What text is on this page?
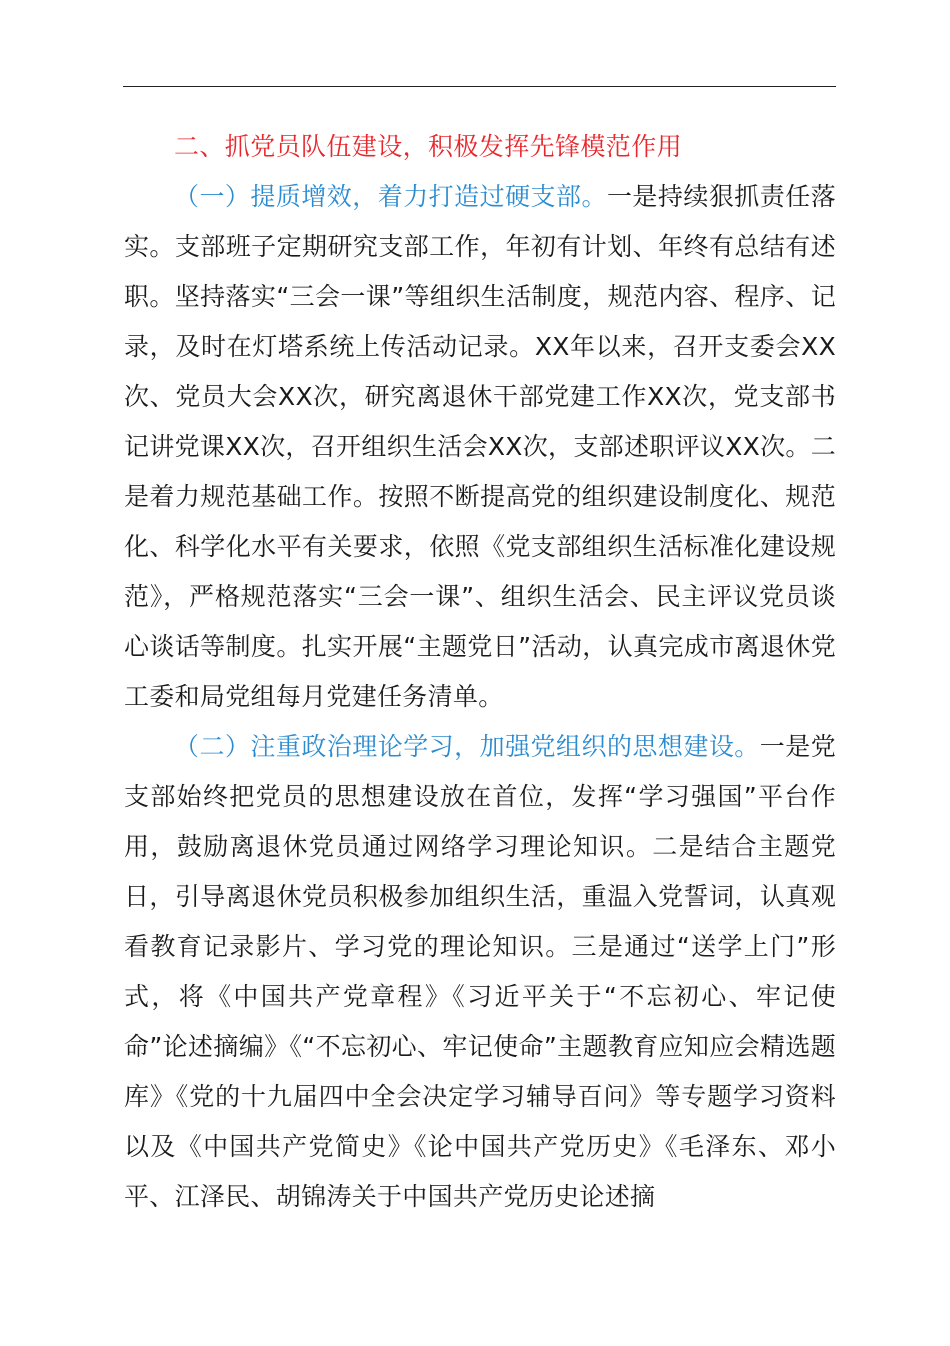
二、抓党员队伍建设，积极发挥先锋模范作用

（一）提质增效，着力打造过硬支部。一是持续狠抓责任落实。支部班子定期研究支部工作，年初有计划、年终有总结有述职。坚持落实“三会一课”等组织生活制度，规范内容、程序、记录，及时在灯塔系统上传活动记录。XX年以来，召开支委会XX次、党员大会XX次，研究离退休干部党建工作XX次，党支部书记讲党课XX次，召开组织生活会XX次，支部述职评议XX次。二是着力规范基础工作。按照不断提高党的组织建设制度化、规范化、科学化水平有关要求，依照《党支部组织生活标准化建设规范》，严格规范落实“三会一课”、组织生活会、民主评议党员谈心谈话等制度。扎实开展“主题党日”活动，认真完成市离退休党工委和局党组每月党建任务清单。

（二）注重政治理论学习，加强党组织的思想建设。一是党支部始终把党员的思想建设放在首位，发挥“学习强国”平台作用，鼓励离退休党员通过网络学习理论知识。二是结合主题党日，引导离退休党员积极参加组织生活，重温入党誓词，认真观看教育记录影片、学习党的理论知识。三是通过“送学上门”形式，将《中国共产党章程》《习近平关于“不忘初心、牢记使命”论述摘编》《“不忘初心、牢记使命”主题教育应知应会精选题库》《党的十九届四中全会决定学习辅导百问》等专题学习资料以及《中国共产党简史》《论中国共产党历史》《毛泽东、邓小平、江泽民、胡锦涛关于中国共产党历史论述摘
